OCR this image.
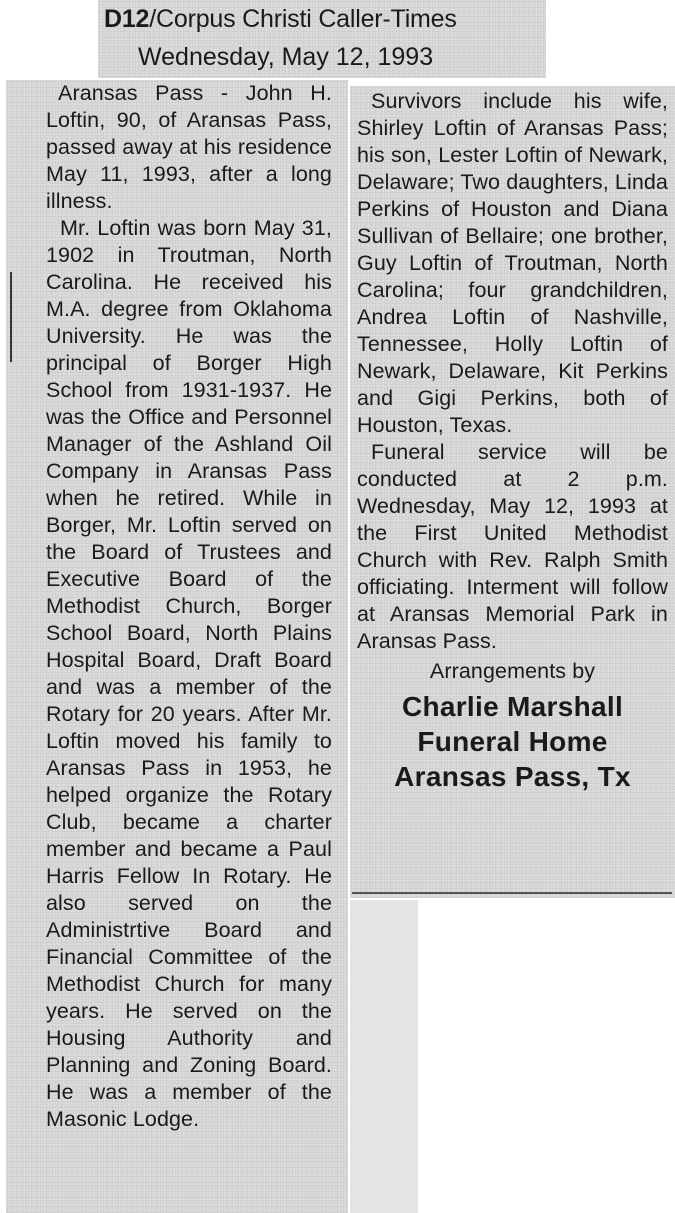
D12/Corpus Christi Caller-Times
Wednesday, May 12, 1993

Aransas Pass - John H. Loftin, 90, of Aransas Pass, passed away at his residence May 11, 1993, after a long illness.

Mr. Loftin was born May 31, 1902 in Troutman, North Carolina. He received his M.A. degree from Oklahoma University. He was the principal of Borger High School from 1931-1937. He was the Office and Personnel Manager of the Ashland Oil Company in Aransas Pass when he retired. While in Borger, Mr. Loftin served on the Board of Trustees and Executive Board of the Methodist Church, Borger School Board, North Plains Hospital Board, Draft Board and was a member of the Rotary for 20 years. After Mr. Loftin moved his family to Aransas Pass in 1953, he helped organize the Rotary Club, became a charter member and became a Paul Harris Fellow In Rotary. He also served on the Administrtive Board and Financial Committee of the Methodist Church for many years. He served on the Housing Authority and Planning and Zoning Board. He was a member of the Masonic Lodge.

Survivors include his wife, Shirley Loftin of Aransas Pass; his son, Lester Loftin of Newark, Delaware; Two daughters, Linda Perkins of Houston and Diana Sullivan of Bellaire; one brother, Guy Loftin of Troutman, North Carolina; four grandchildren, Andrea Loftin of Nashville, Tennessee, Holly Loftin of Newark, Delaware, Kit Perkins and Gigi Perkins, both of Houston, Texas.

Funeral service will be conducted at 2 p.m. Wednesday, May 12, 1993 at the First United Methodist Church with Rev. Ralph Smith officiating. Interment will follow at Aransas Memorial Park in Aransas Pass.

Arrangements by
Charlie Marshall
Funeral Home
Aransas Pass, Tx
